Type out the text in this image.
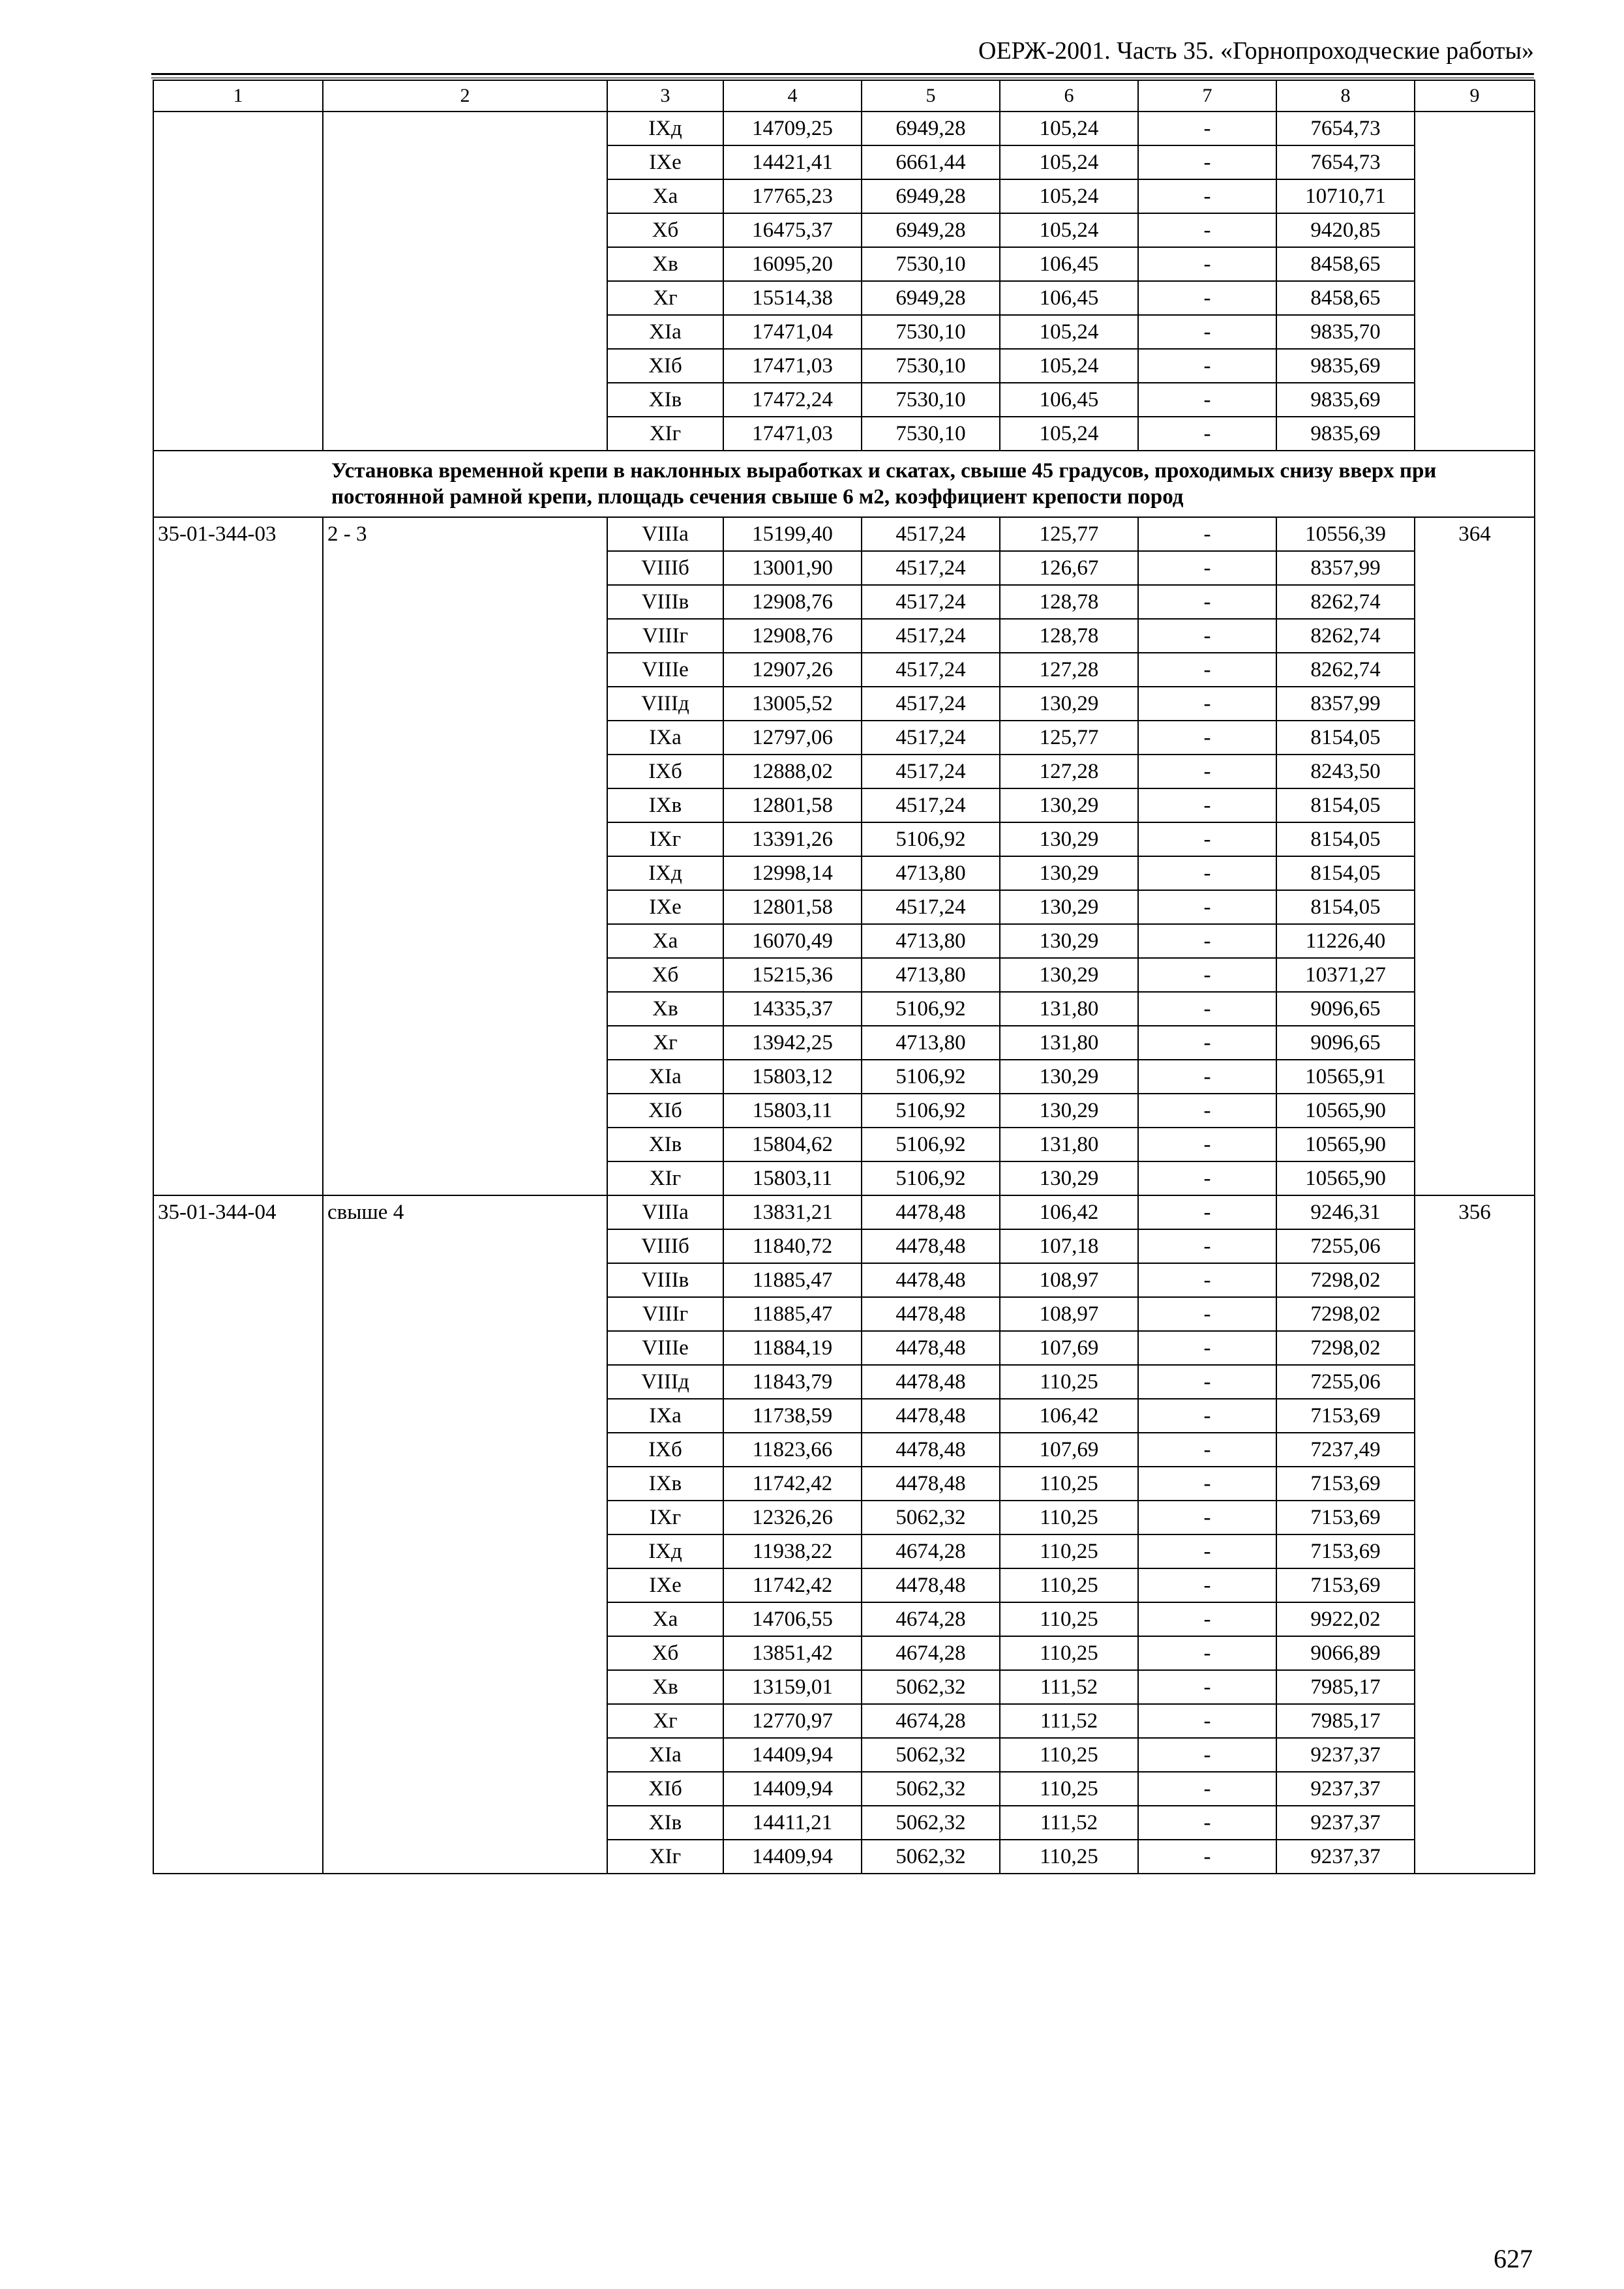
ОЕРЖ-2001. Часть 35. «Горнопроходческие работы»
1	2	3	4	5	6	7	8	9
		IXд	14709,25	6949,28	105,24	-	7654,73	
		IXе	14421,41	6661,44	105,24	-	7654,73	
		Xа	17765,23	6949,28	105,24	-	10710,71	
		Xб	16475,37	6949,28	105,24	-	9420,85	
		Xв	16095,20	7530,10	106,45	-	8458,65	
		Xг	15514,38	6949,28	106,45	-	8458,65	
		XIа	17471,04	7530,10	105,24	-	9835,70	
		XIб	17471,03	7530,10	105,24	-	9835,69	
		XIв	17472,24	7530,10	106,45	-	9835,69	
		XIг	17471,03	7530,10	105,24	-	9835,69	
Установка временной крепи в наклонных выработках и скатах, свыше 45 градусов, проходимых снизу вверх при постоянной рамной крепи, площадь сечения свыше 6 м2, коэффициент крепости пород								
35-01-344-03	2 - 3	VIIIа	15199,40	4517,24	125,77	-	10556,39	364
		VIIIб	13001,90	4517,24	126,67	-	8357,99	
		VIIIв	12908,76	4517,24	128,78	-	8262,74	
		VIIIг	12908,76	4517,24	128,78	-	8262,74	
		VIIIе	12907,26	4517,24	127,28	-	8262,74	
		VIIIд	13005,52	4517,24	130,29	-	8357,99	
		IXа	12797,06	4517,24	125,77	-	8154,05	
		IXб	12888,02	4517,24	127,28	-	8243,50	
		IXв	12801,58	4517,24	130,29	-	8154,05	
		IXг	13391,26	5106,92	130,29	-	8154,05	
		IXд	12998,14	4713,80	130,29	-	8154,05	
		IXе	12801,58	4517,24	130,29	-	8154,05	
		Xа	16070,49	4713,80	130,29	-	11226,40	
		Xб	15215,36	4713,80	130,29	-	10371,27	
		Xв	14335,37	5106,92	131,80	-	9096,65	
		Xг	13942,25	4713,80	131,80	-	9096,65	
		XIа	15803,12	5106,92	130,29	-	10565,91	
		XIб	15803,11	5106,92	130,29	-	10565,90	
		XIв	15804,62	5106,92	131,80	-	10565,90	
		XIг	15803,11	5106,92	130,29	-	10565,90	
35-01-344-04	свыше 4	VIIIа	13831,21	4478,48	106,42	-	9246,31	356
		VIIIб	11840,72	4478,48	107,18	-	7255,06	
		VIIIв	11885,47	4478,48	108,97	-	7298,02	
		VIIIг	11885,47	4478,48	108,97	-	7298,02	
		VIIIе	11884,19	4478,48	107,69	-	7298,02	
		VIIIд	11843,79	4478,48	110,25	-	7255,06	
		IXа	11738,59	4478,48	106,42	-	7153,69	
		IXб	11823,66	4478,48	107,69	-	7237,49	
		IXв	11742,42	4478,48	110,25	-	7153,69	
		IXг	12326,26	5062,32	110,25	-	7153,69	
		IXд	11938,22	4674,28	110,25	-	7153,69	
		IXе	11742,42	4478,48	110,25	-	7153,69	
		Xа	14706,55	4674,28	110,25	-	9922,02	
		Xб	13851,42	4674,28	110,25	-	9066,89	
		Xв	13159,01	5062,32	111,52	-	7985,17	
		Xг	12770,97	4674,28	111,52	-	7985,17	
		XIа	14409,94	5062,32	110,25	-	9237,37	
		XIб	14409,94	5062,32	110,25	-	9237,37	
		XIв	14411,21	5062,32	111,52	-	9237,37	
		XIг	14409,94	5062,32	110,25	-	9237,37	
627
